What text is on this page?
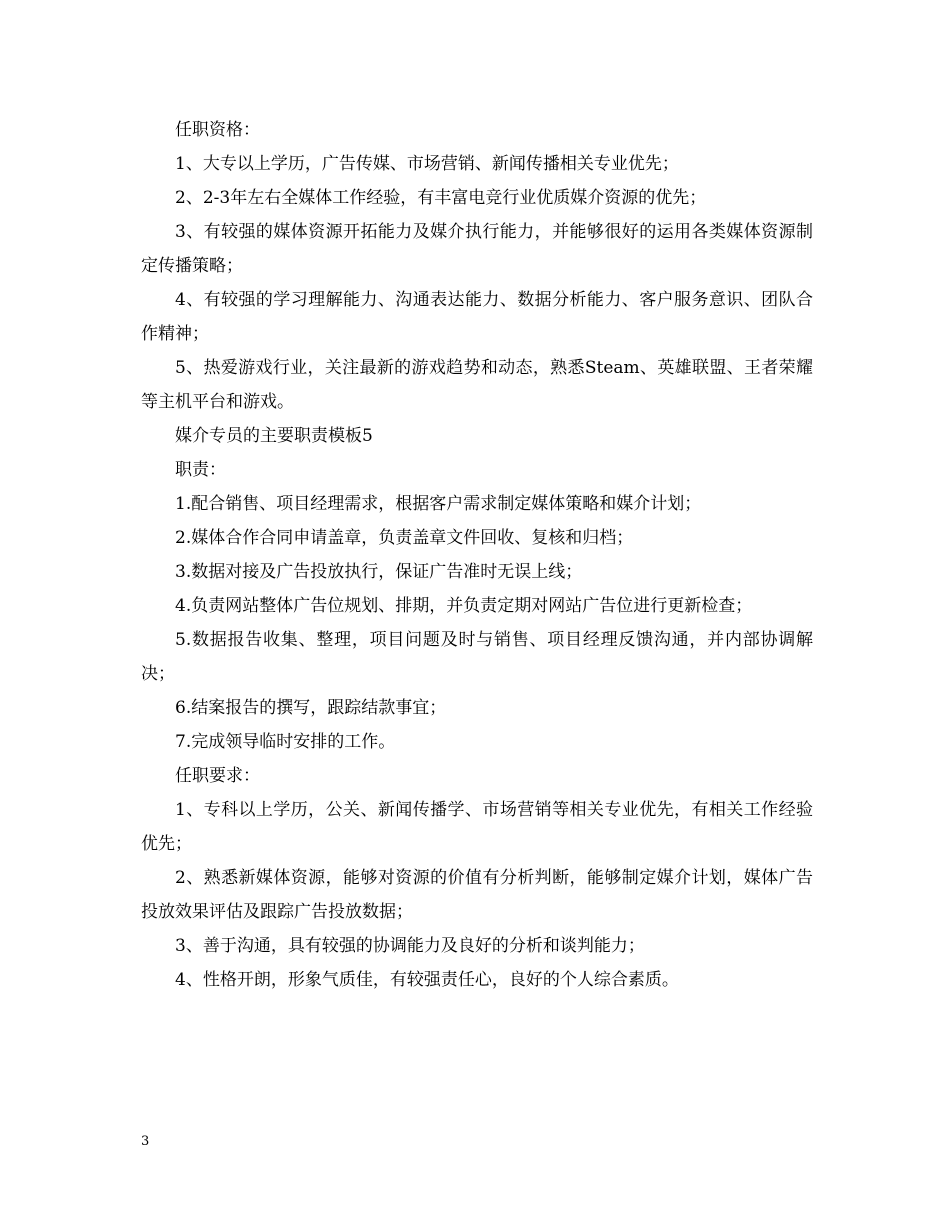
任职资格：

1、大专以上学历，广告传媒、市场营销、新闻传播相关专业优先；

2、2-3年左右全媒体工作经验，有丰富电竞行业优质媒介资源的优先；

3、有较强的媒体资源开拓能力及媒介执行能力，并能够很好的运用各类媒体资源制定传播策略；

4、有较强的学习理解能力、沟通表达能力、数据分析能力、客户服务意识、团队合作精神；

5、热爱游戏行业，关注最新的游戏趋势和动态，熟悉Steam、英雄联盟、王者荣耀等主机平台和游戏。

媒介专员的主要职责模板5

职责：

1.配合销售、项目经理需求，根据客户需求制定媒体策略和媒介计划；

2.媒体合作合同申请盖章，负责盖章文件回收、复核和归档；

3.数据对接及广告投放执行，保证广告准时无误上线；

4.负责网站整体广告位规划、排期，并负责定期对网站广告位进行更新检查；

5.数据报告收集、整理，项目问题及时与销售、项目经理反馈沟通，并内部协调解决；

6.结案报告的撰写，跟踪结款事宜；

7.完成领导临时安排的工作。

任职要求：

1、专科以上学历，公关、新闻传播学、市场营销等相关专业优先，有相关工作经验优先；

2、熟悉新媒体资源，能够对资源的价值有分析判断，能够制定媒介计划，媒体广告投放效果评估及跟踪广告投放数据；

3、善于沟通，具有较强的协调能力及良好的分析和谈判能力；

4、性格开朗，形象气质佳，有较强责任心，良好的个人综合素质。

3
